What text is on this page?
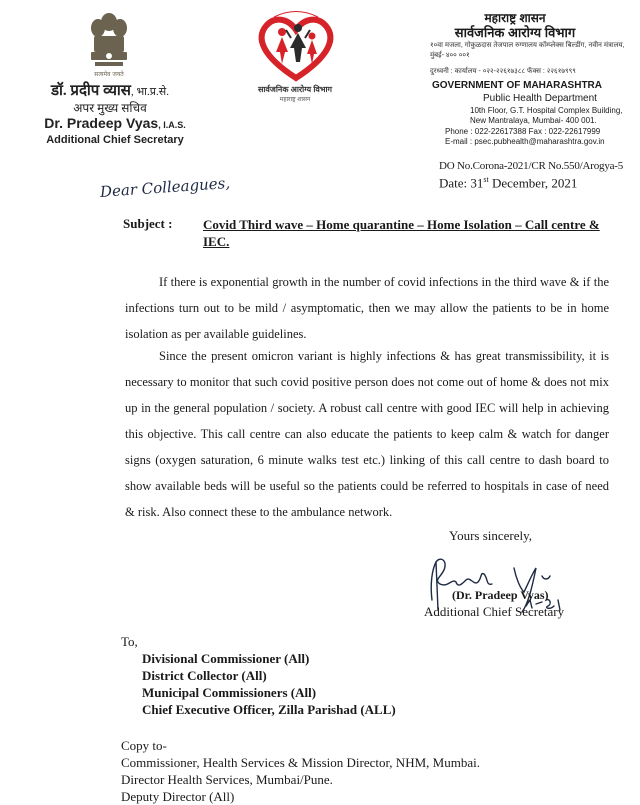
सत्यमेव जयते
डॉ. प्रदीप व्यास, भा.प्र.से.
अपर मुख्य सचिव
Dr. Pradeep Vyas, I.A.S.
Additional Chief Secretary
सार्वजनिक आरोग्य विभाग
महाराष्ट्र शासन
महाराष्ट्र शासन
सार्वजनिक आरोग्य विभाग
१०वा मजला, गोकुळदास तेजपाल रुग्णालय कॉम्प्लेक्स बिल्डींग, नवीन मंत्रालय, मुंबई- ४०० ००१
दुरध्वनी : कार्यालय - ०२२-२२६१७३८८ फॅक्स : २२६१७९९९
GOVERNMENT OF MAHARASHTRA
Public Health Department
10th Floor, G.T. Hospital Complex Building,
New Mantralaya, Mumbai- 400 001.
Phone : 022-22617388 Fax : 022-22617999
E-mail : psec.pubhealth@maharashtra.gov.in
DO No.Corona-2021/CR No.550/Arogya-5
Date: 31st December, 2021
Dear Colleagues,
Subject : Covid Third wave – Home quarantine – Home Isolation – Call centre & IEC.
If there is exponential growth in the number of covid infections in the third wave & if the infections turn out to be mild / asymptomatic, then we may allow the patients to be in home isolation as per available guidelines.
Since the present omicron variant is highly infections & has great transmissibility, it is necessary to monitor that such covid positive person does not come out of home & does not mix up in the general population / society. A robust call centre with good IEC will help in achieving this objective. This call centre can also educate the patients to keep calm & watch for danger signs (oxygen saturation, 6 minute walks test etc.) linking of this call centre to dash board to show available beds will be useful so the patients could be referred to hospitals in case of need & risk. Also connect these to the ambulance network.
Yours sincerely,
(Dr. Pradeep Vyas)
Additional Chief Secretary
To,
Divisional Commissioner (All)
District Collector (All)
Municipal Commissioners (All)
Chief Executive Officer, Zilla Parishad (ALL)
Copy to-
Commissioner, Health Services & Mission Director, NHM, Mumbai.
Director Health Services, Mumbai/Pune.
Deputy Director (All)
